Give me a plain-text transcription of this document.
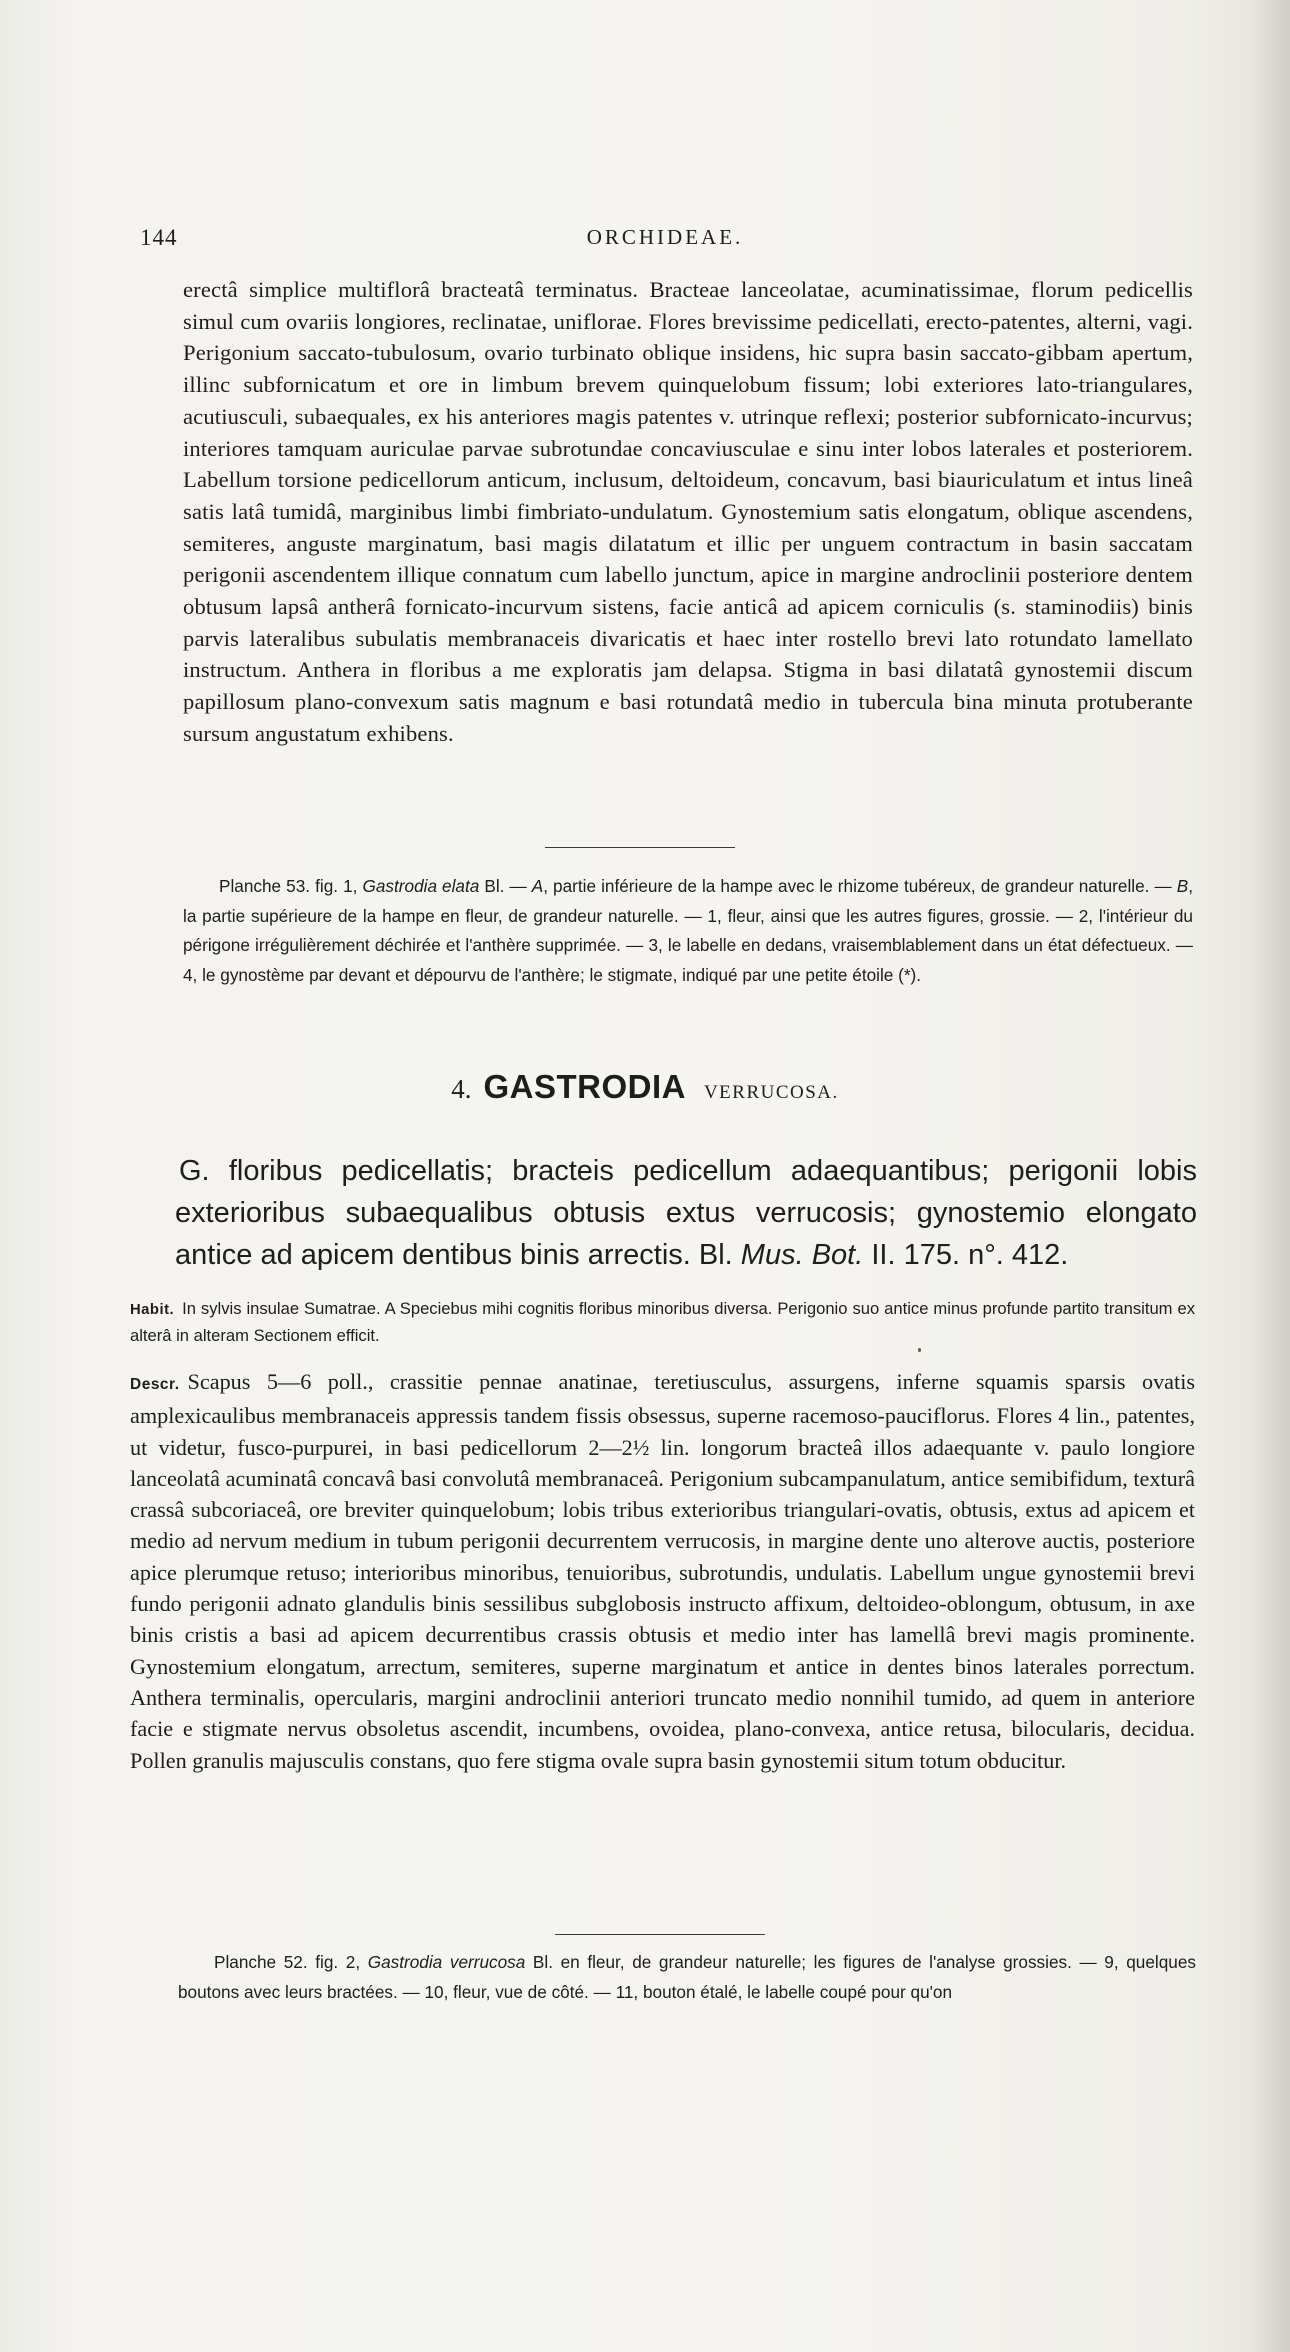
144	ORCHIDEAE.

erectâ simplice multiflorâ bracteatâ terminatus. Bracteae lanceolatae, acuminatissimae, florum pedicellis simul cum ovariis longiores, reclinatae, uniflorae. Flores brevissime pedicellati, erecto-patentes, alterni, vagi. Perigonium saccato-tubulosum, ovario turbinato oblique insidens, hic supra basin saccato-gibbam apertum, illinc subfornicatum et ore in limbum brevem quinquelobum fissum; lobi exteriores lato-triangulares, acutiusculi, subaequales, ex his anteriores magis patentes v. utrinque reflexi; posterior subfornicato-incurvus; interiores tamquam auriculae parvae subrotundae concaviusculae e sinu inter lobos laterales et posteriorem. Labellum torsione pedicellorum anticum, inclusum, deltoideum, concavum, basi biauriculatum et intus lineâ satis latâ tumidâ, marginibus limbi fimbriato-undulatum. Gynostemium satis elongatum, oblique ascendens, semiteres, anguste marginatum, basi magis dilatatum et illic per unguem contractum in basin saccatam perigonii ascendentem illique connatum cum labello junctum, apice in margine androclinii posteriore dentem obtusum lapsâ antherâ fornicato-incurvum sistens, facie anticâ ad apicem corniculis (s. staminodiis) binis parvis lateralibus subulatis membranaceis divaricatis et haec inter rostello brevi lato rotundato lamellato instructum. Anthera in floribus a me exploratis jam delapsa. Stigma in basi dilatatâ gynostemii discum papillosum plano-convexum satis magnum e basi rotundatâ medio in tubercula bina minuta protuberante sursum angustatum exhibens.

Planche 53. fig. 1, Gastrodia elata Bl. — A, partie inférieure de la hampe avec le rhizome tubéreux, de grandeur naturelle. — B, la partie supérieure de la hampe en fleur, de grandeur naturelle. — 1, fleur, ainsi que les autres figures, grossie. — 2, l'intérieur du périgone irrégulièrement déchirée et l'anthère supprimée. — 3, le labelle en dedans, vraisemblablement dans un état défectueux. — 4, le gynostème par devant et dépourvu de l'anthère; le stigmate, indiqué par une petite étoile (*).

4. GASTRODIA VERRUCOSA.

G. floribus pedicellatis; bracteis pedicellum adaequantibus; perigonii lobis exterioribus subaequalibus obtusis extus verrucosis; gynostemio elongato antice ad apicem dentibus binis arrectis. Bl. Mus. Bot. II. 175. n°. 412.

Habit. In sylvis insulae Sumatrae. A Speciebus mihi cognitis floribus minoribus diversa. Perigonio suo antice minus profunde partito transitum ex alterâ in alteram Sectionem efficit.

Descr. Scapus 5—6 poll., crassitie pennae anatinae, teretiusculus, assurgens, inferne squamis sparsis ovatis amplexicaulibus membranaceis appressis tandem fissis obsessus, superne racemoso-pauciflorus. Flores 4 lin., patentes, ut videtur, fusco-purpurei, in basi pedicellorum 2—2½ lin. longorum bracteâ illos adaequante v. paulo longiore lanceolatâ acuminatâ concavâ basi convolutâ membranaceâ. Perigonium subcampanulatum, antice semibifidum, texturâ crassâ subcoriaceâ, ore breviter quinquelobum; lobis tribus exterioribus triangulari-ovatis, obtusis, extus ad apicem et medio ad nervum medium in tubum perigonii decurrentem verrucosis, in margine dente uno alterove auctis, posteriore apice plerumque retuso; interioribus minoribus, tenuioribus, subrotundis, undulatis. Labellum ungue gynostemii brevi fundo perigonii adnato glandulis binis sessilibus subglobosis instructo affixum, deltoideo-oblongum, obtusum, in axe binis cristis a basi ad apicem decurrentibus crassis obtusis et medio inter has lamellâ brevi magis prominente. Gynostemium elongatum, arrectum, semiteres, superne marginatum et antice in dentes binos laterales porrectum. Anthera terminalis, opercularis, margini androclinii anteriori truncato medio nonnihil tumido, ad quem in anteriore facie e stigmate nervus obsoletus ascendit, incumbens, ovoidea, plano-convexa, antice retusa, bilocularis, decidua. Pollen granulis majusculis constans, quo fere stigma ovale supra basin gynostemii situm totum obducitur.

Planche 52. fig. 2, Gastrodia verrucosa Bl. en fleur, de grandeur naturelle; les figures de l'analyse grossies. — 9, quelques boutons avec leurs bractées. — 10, fleur, vue de côté. — 11, bouton étalé, le labelle coupé pour qu'on
